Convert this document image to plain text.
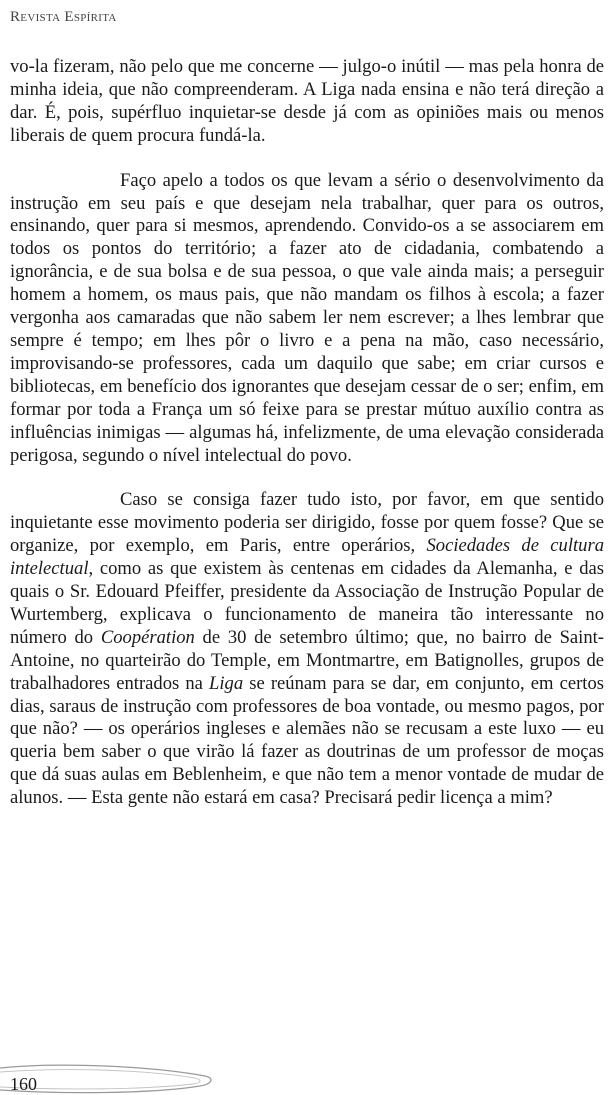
Revista Espírita

vo-la fizeram, não pelo que me concerne — julgo-o inútil — mas pela honra de minha ideia, que não compreenderam. A Liga nada ensina e não terá direção a dar. É, pois, supérfluo inquietar-se desde já com as opiniões mais ou menos liberais de quem procura fundá-la.

Faço apelo a todos os que levam a sério o desenvolvimento da instrução em seu país e que desejam nela trabalhar, quer para os outros, ensinando, quer para si mesmos, aprendendo. Convido-os a se associarem em todos os pontos do território; a fazer ato de cidadania, combatendo a ignorância, e de sua bolsa e de sua pessoa, o que vale ainda mais; a perseguir homem a homem, os maus pais, que não mandam os filhos à escola; a fazer vergonha aos camaradas que não sabem ler nem escrever; a lhes lembrar que sempre é tempo; em lhes pôr o livro e a pena na mão, caso necessário, improvisando-se professores, cada um daquilo que sabe; em criar cursos e bibliotecas, em benefício dos ignorantes que desejam cessar de o ser; enfim, em formar por toda a França um só feixe para se prestar mútuo auxílio contra as influências inimigas — algumas há, infelizmente, de uma elevação considerada perigosa, segundo o nível intelectual do povo.

Caso se consiga fazer tudo isto, por favor, em que sentido inquietante esse movimento poderia ser dirigido, fosse por quem fosse? Que se organize, por exemplo, em Paris, entre operários, Sociedades de cultura intelectual, como as que existem às centenas em cidades da Alemanha, e das quais o Sr. Edouard Pfeiffer, presidente da Associação de Instrução Popular de Wurtemberg, explicava o funcionamento de maneira tão interessante no número do Coopération de 30 de setembro último; que, no bairro de Saint-Antoine, no quarteirão do Temple, em Montmartre, em Batignolles, grupos de trabalhadores entrados na Liga se reúnam para se dar, em conjunto, em certos dias, saraus de instrução com professores de boa vontade, ou mesmo pagos, por que não? — os operários ingleses e alemães não se recusam a este luxo — eu queria bem saber o que virão lá fazer as doutrinas de um professor de moças que dá suas aulas em Beblenheim, e que não tem a menor vontade de mudar de alunos. — Esta gente não estará em casa? Precisará pedir licença a mim?

160
